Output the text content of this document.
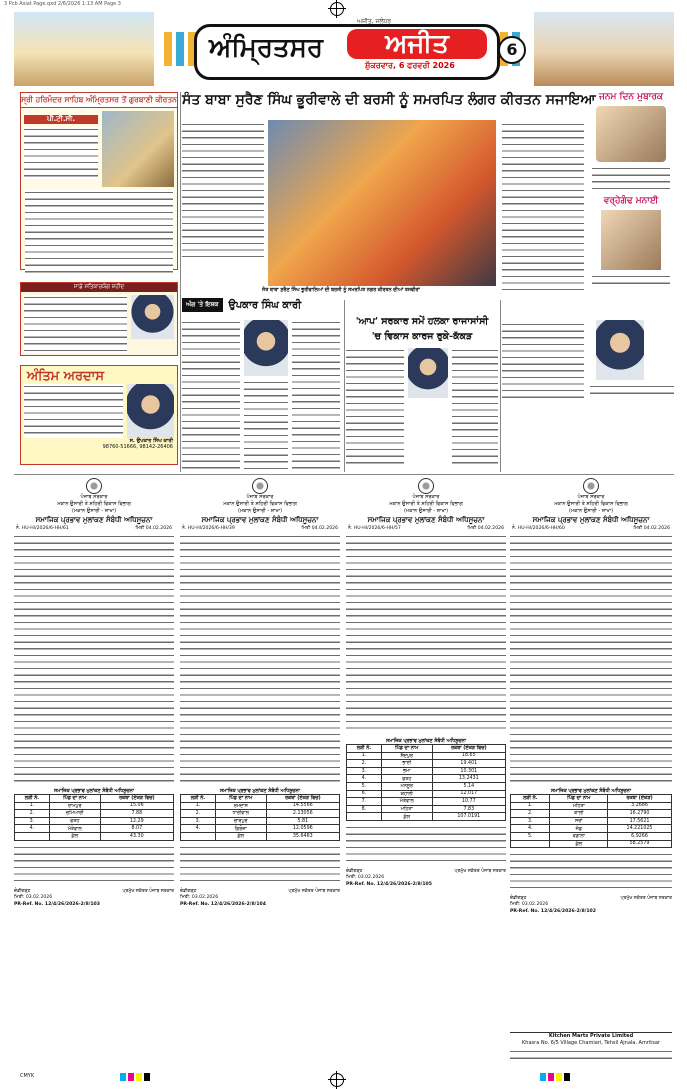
3 Pcb Asiat Page.qxd 2/6/2026 1:13 AM Page 3
ਅਜੀਤ, ਜਲੰਧਰ
ਅੰਮ੍ਰਿਤਸਰ	ਅਜੀਤ
ਸ਼ੁੱਕਰਵਾਰ, 6 ਫਰਵਰੀ 2026
6
ਸ੍ਰੀ ਹਰਿਮੰਦਰ ਸਾਹਿਬ ਅੰਮ੍ਰਿਤਸਰ ਤੋਂ ਗੁਰਬਾਣੀ ਕੀਰਤਨ
ਪੀ.ਟੀ.ਸੀ.
ਸਾਡੇ ਸਤਿਕਾਰਯੋਗ ਸ਼ਹੀਦ
ਅੰਤਿਮ ਅਰਦਾਸ
ਸ. ਉਪਕਾਰ ਸਿੰਘ ਕਾਰੀ
98760-51666, 98142-26406
ਸੰਤ ਬਾਬਾ ਸੁਰੈਣ ਸਿੰਘ ਭੂਰੀਵਾਲੇ ਦੀ ਬਰਸੀ ਨੂੰ ਸਮਰਪਿਤ ਲੰਗਰ ਕੀਰਤਨ ਸਜਾਇਆ
ਸੰਤ ਬਾਬਾ ਸੁਰੈਣ ਸਿੰਘ ਭੂਰੀਵਾਲਿਆਂ ਦੀ ਬਰਸੀ ਨੂੰ ਸਮਰਪਿਤ ਨਗਰ ਕੀਰਤਨ ਦੀਆਂ ਤਸਵੀਰਾਂ
ਜਨਮ ਦਿਨ ਮੁਬਾਰਕ
ਵਰ੍ਹੇਗੰਢ ਮਨਾਈ
ਅੰਗ 'ਤੇ ਇਸ਼ਕ	ਉਪਕਾਰ ਸਿੰਘ ਕਾਰੀ
'ਆਪ' ਸਰਕਾਰ ਸਮੇਂ ਹਲਕਾ ਰਾਜਾਸਾਂਸੀ
'ਚ ਵਿਕਾਸ ਕਾਰਜ ਰੁਕੇ-ਕੱਕੜ
ਪੰਜਾਬ ਸਰਕਾਰ
ਮਕਾਨ ਉਸਾਰੀ ਤੇ ਸ਼ਹਿਰੀ ਵਿਕਾਸ ਵਿਭਾਗ
(ਮਕਾਨ ਉਸਾਰੀ - ਸ਼ਾਖਾ)
ਸਮਾਜਿਕ ਪ੍ਰਭਾਵ ਮੁਲਾਂਕਣ ਸੰਬੰਧੀ ਅਧਿਸੂਚਨਾ
ਨੰ. HU-HI/2026/6-HH/61	ਮਿਤੀ 04.02.2026
ਸਮਾਜਿਕ ਪ੍ਰਭਾਵ ਮੁਲਾਂਕਣ ਸੰਬੰਧੀ ਅਧਿਸੂਚਨਾ
ਲੜੀ ਨੰ.	ਪਿੰਡ ਦਾ ਨਾਮ	ਰਕਬਾ (ਏਕੜ ਵਿਚ)
1.	ਰਾਮਪੁਰ	15.06
2.	ਚਮਿਆਰੀ	7.88
3.	ਫਤਹ	12.29
4.	ਮੱਤੇਵਾਲ	8.07
	ਕੁੱਲ	43.30
ਚੰਡੀਗੜ੍ਹ	ਪ੍ਰਮੁੱਖ ਸਕੱਤਰ ਪੰਜਾਬ ਸਰਕਾਰ
ਮਿਤੀ: 03.02.2026
PR-Ref. No. 12/4/26/2026-2/8/103
ਪੰਜਾਬ ਸਰਕਾਰ
ਮਕਾਨ ਉਸਾਰੀ ਤੇ ਸ਼ਹਿਰੀ ਵਿਕਾਸ ਵਿਭਾਗ
(ਮਕਾਨ ਉਸਾਰੀ - ਸ਼ਾਖਾ)
ਸਮਾਜਿਕ ਪ੍ਰਭਾਵ ਮੁਲਾਂਕਣ ਸੰਬੰਧੀ ਅਧਿਸੂਚਨਾ
ਨੰ. HU-HI/2026/6-HH/39	ਮਿਤੀ 04.02.2026
ਸਮਾਜਿਕ ਪ੍ਰਭਾਵ ਮੁਲਾਂਕਣ ਸੰਬੰਧੀ ਅਧਿਸੂਚਨਾ
ਲੜੀ ਨੰ.	ਪਿੰਡ ਦਾ ਨਾਮ	ਰਕਬਾ (ਏਕੜ ਵਿਚ)
1.	ਰਮਦਾਸ	14.5566
2.	ਧਾਰੀਵਾਲ	2.13056
3.	ਚਾਰਪੁਰ	5.81
4.	ਫ਼ਿਰੋਜ਼ਾ	12.0596
	ਕੁੱਲ	35.6463
ਚੰਡੀਗੜ੍ਹ	ਪ੍ਰਮੁੱਖ ਸਕੱਤਰ ਪੰਜਾਬ ਸਰਕਾਰ
ਮਿਤੀ: 03.02.2026
PR-Ref. No. 12/4/26/2026-2/8/104
ਪੰਜਾਬ ਸਰਕਾਰ
ਮਕਾਨ ਉਸਾਰੀ ਤੇ ਸ਼ਹਿਰੀ ਵਿਕਾਸ ਵਿਭਾਗ
(ਮਕਾਨ ਉਸਾਰੀ - ਸ਼ਾਖਾ)
ਸਮਾਜਿਕ ਪ੍ਰਭਾਵ ਮੁਲਾਂਕਣ ਸੰਬੰਧੀ ਅਧਿਸੂਚਨਾ
ਨੰ. HU-HI/2026/6-HH/57	ਮਿਤੀ 04.02.2026
ਸਮਾਜਿਕ ਪ੍ਰਭਾਵ ਮੁਲਾਂਕਣ ਸੰਬੰਧੀ ਅਧਿਸੂਚਨਾ
ਲੜੀ ਨੰ.	ਪਿੰਡ ਦਾ ਨਾਮ	ਰਕਬਾ (ਏਕੜ ਵਿਚ)
1.	ਸੈਦਪੁਰ	18.65
2.	ਭਾਈ	19.401
3.	ਭੋਮਾ	10.301
4.	ਫਤਹ	13.2431
5.	ਮਨਸੂਰ	5.14
6.	ਕੋਹਾਲੀ	12.017
7.	ਮੱਤੇਵਾਲ	10.77
8.	ਮਹਿਤਾ	7.83
	ਕੁੱਲ	107.0191
ਚੰਡੀਗੜ੍ਹ	ਪ੍ਰਮੁੱਖ ਸਕੱਤਰ ਪੰਜਾਬ ਸਰਕਾਰ
ਮਿਤੀ: 03.02.2026
PR-Ref. No. 12/4/26/2026-2/8/105
ਪੰਜਾਬ ਸਰਕਾਰ
ਮਕਾਨ ਉਸਾਰੀ ਤੇ ਸ਼ਹਿਰੀ ਵਿਕਾਸ ਵਿਭਾਗ
(ਮਕਾਨ ਉਸਾਰੀ - ਸ਼ਾਖਾ)
ਸਮਾਜਿਕ ਪ੍ਰਭਾਵ ਮੁਲਾਂਕਣ ਸੰਬੰਧੀ ਅਧਿਸੂਚਨਾ
ਨੰ. HU-HI/2026/6-HH/60	ਮਿਤੀ 04.02.2026
ਸਮਾਜਿਕ ਪ੍ਰਭਾਵ ਮੁਲਾਂਕਣ ਸੰਬੰਧੀ ਅਧਿਸੂਚਨਾ
ਲੜੀ ਨੰ.	ਪਿੰਡ ਦਾ ਨਾਮ	ਰਕਬਾ (ਏਕੜ)
1.	ਮਹਿਤਾ	3.2686
2.	ਕਾਲੀ	16.2790
3.	ਸਰਾਂ	17.5621
4.	ਜੰਡ	14.221025
5.	ਵਡਾਲਾ	6.9266
	ਕੁੱਲ	58.2579
ਚੰਡੀਗੜ੍ਹ	ਪ੍ਰਮੁੱਖ ਸਕੱਤਰ ਪੰਜਾਬ ਸਰਕਾਰ
ਮਿਤੀ: 03.02.2026
PR-Ref. No. 12/4/26/2026-2/8/102
Kitchen Marts Private Limited
Khasra No. 6/5 Village Chamiari, Tehsil Ajnala, Amritsar
CMYK
